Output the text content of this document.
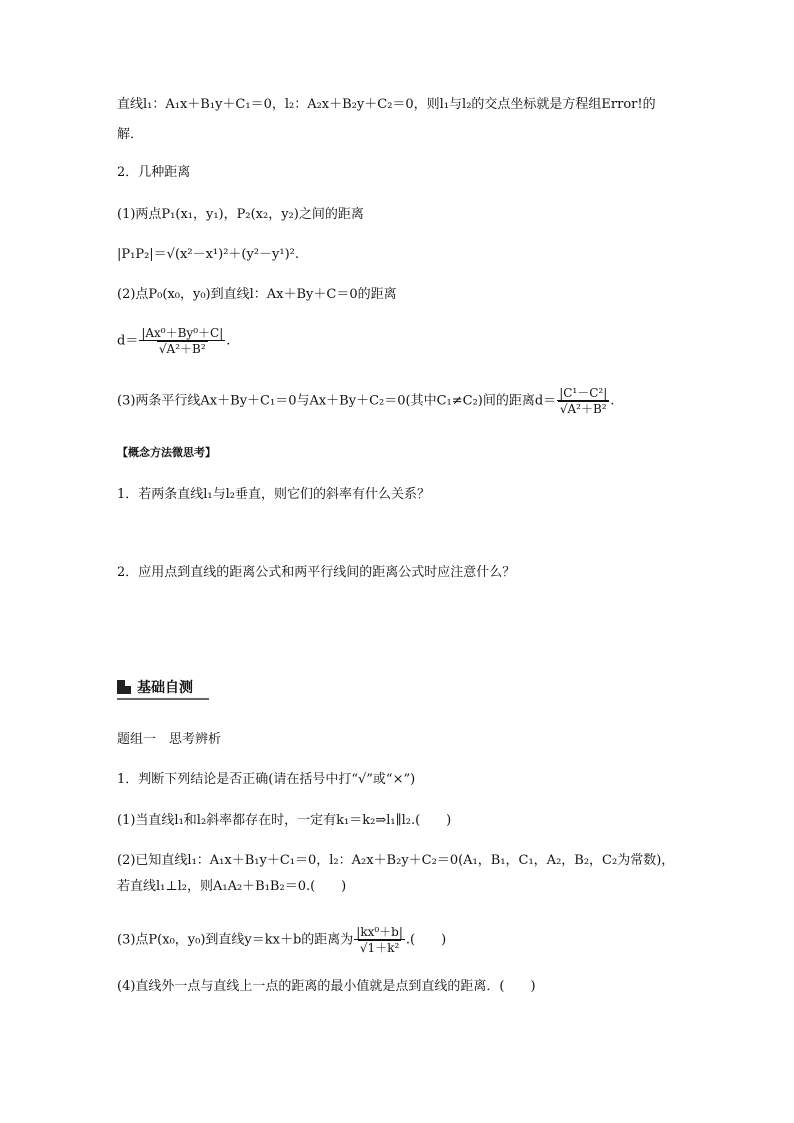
直线l₁：A₁x＋B₁y＋C₁＝0，l₂：A₂x＋B₂y＋C₂＝0，则l₁与l₂的交点坐标就是方程组Error!的
解．
2．几种距离
(1)两点P₁(x₁，y₁)，P₂(x₂，y₂)之间的距离
|P₁P₂|＝√(x²－x¹)²＋(y²－y¹)².
(2)点P₀(x₀，y₀)到直线l：Ax＋By＋C＝0的距离
$d= \frac{\text{|Ax⁰＋By⁰＋C|}}{\text{√A²＋B²}}$ .
(3)两条平行线Ax＋By＋C₁＝0与Ax＋By＋C₂＝0(其中C₁≠C₂)间的距离$d= \frac{\text{|C¹－C²|}}{\text{√A²＋B²}}$ .
【概念方法微思考】
1．若两条直线l₁与l₂垂直，则它们的斜率有什么关系？
2．应用点到直线的距离公式和两平行线间的距离公式时应注意什么？
基础自测
题组一　思考辨析
1．判断下列结论是否正确(请在括号中打“√”或“×”)
(1)当直线l₁和l₂斜率都存在时，一定有k₁＝k₂⇒l₁∥l₂.(　　)
(2)已知直线l₁：A₁x＋B₁y＋C₁＝0，l₂：A₂x＋B₂y＋C₂＝0(A₁，B₁，C₁，A₂，B₂，C₂为常数)，
若直线l₁⊥l₂，则A₁A₂＋B₁B₂＝0.(　　)
(3)点P(x₀，y₀)到直线y＝kx＋b的距离为 $\frac{\text{|kx⁰＋b|}}{\text{√1＋k²}}$ .(　　)
(4)直线外一点与直线上一点的距离的最小值就是点到直线的距离．(　　)
